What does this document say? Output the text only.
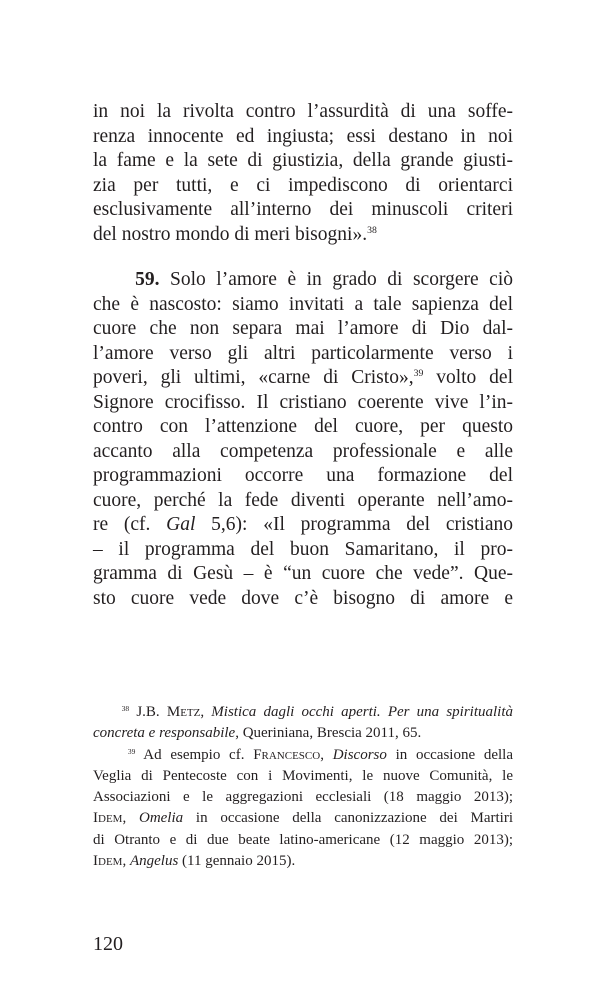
in noi la rivolta contro l’assurdità di una soffe-
renza innocente ed ingiusta; essi destano in noi
la fame e la sete di giustizia, della grande giusti-
zia per tutti, e ci impediscono di orientarci
esclusivamente all’interno dei minuscoli criteri
del nostro mondo di meri bisogni».$^{38}$
59. Solo l’amore è in grado di scorgere ciò
che è nascosto: siamo invitati a tale sapienza del
cuore che non separa mai l’amore di Dio dal-
l’amore verso gli altri particolarmente verso i
poveri, gli ultimi, «carne di Cristo»,$^{39}$ volto del
Signore crocifisso. Il cristiano coerente vive l’in-
contro con l’attenzione del cuore, per questo
accanto alla competenza professionale e alle
programmazioni occorre una formazione del
cuore, perché la fede diventi operante nell’amo-
re (cf. Gal 5,6): «Il programma del cristiano
– il programma del buon Samaritano, il pro-
gramma di Gesù – è “un cuore che vede”. Que-
sto cuore vede dove c’è bisogno di amore e
$^{38}$ J.B. Metz, Mistica dagli occhi aperti. Per una spiritualità
concreta e responsabile, Queriniana, Brescia 2011, 65.
$^{39}$ Ad esempio cf. Francesco, Discorso in occasione della
Veglia di Pentecoste con i Movimenti, le nuove Comunità, le
Associazioni e le aggregazioni ecclesiali (18 maggio 2013);
Idem, Omelia in occasione della canonizzazione dei Martiri
di Otranto e di due beate latino-americane (12 maggio 2013);
Idem, Angelus (11 gennaio 2015).
120
